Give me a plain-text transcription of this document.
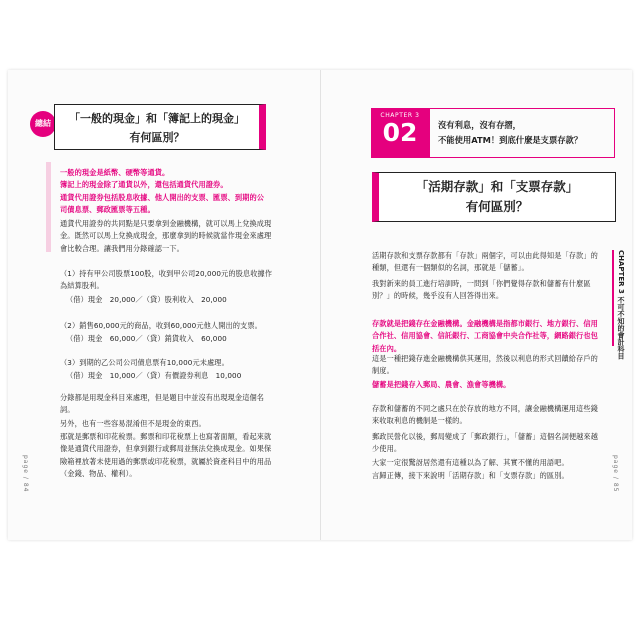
總結	「一般的現金」和「簿記上的現金」
有何區別？
一般的現金是紙幣、硬幣等通貨。
簿記上的現金除了通貨以外，還包括通貨代用證券。
通貨代用證券包括股息收據、他人開出的支票、匯票、到期的公
司債息票、郵政匯票等五種。
通貨代用證券的共同點是只要拿到金融機構，就可以馬上兌換成現金。既然可以馬上兌換成現金，那麼拿到的時候就當作現金來處理會比較合理。讓我們用分錄確認一下。
（1）持有甲公司股票100股，收到甲公司20,000元的股息收據作為結算股利。
（借）現金　20,000／（貸）股利收入　20,000
（2）銷售60,000元的商品，收到60,000元他人開出的支票。
（借）現金　60,000／（貸）銷貨收入　60,000
（3）到期的乙公司公司債息票有10,000元未處理。
（借）現金　10,000／（貸）有價證券利息　10,000
分錄都是用現金科目來處理，但是題目中並沒有出現現金這個名詞。
另外，也有一些容易混淆但不是現金的東西。
那就是郵票和印花稅票。郵票和印花稅票上也寫著面額，看起來就像是通貨代用證券，但拿到銀行或郵局並無法兌換成現金。如果保險箱裡放著未使用過的郵票或印花稅票，就屬於資產科目中的用品（金錢、物品、權利）。
page / 84
CHAPTER 3
02	沒有利息，沒有存摺，
不能使用ATM！到底什麼是支票存款？
「活期存款」和「支票存款」
有何區別？
活期存款和支票存款都有「存款」兩個字，可以由此得知是「存款」的種類，但還有一個類似的名詞，那就是「儲蓄」。
我對新來的員工進行培訓時，一問到「你們覺得存款和儲蓄有什麼區別？」的時候，幾乎沒有人回答得出來。
存款就是把錢存在金融機構。金融機構是指都市銀行、地方銀行、信用合作社、信用協會、信託銀行、工商協會中央合作社等，網路銀行也包括在內。
這是一種把錢存進金融機構供其運用，然後以利息的形式回饋給存戶的制度。
儲蓄是把錢存入郵局、農會、漁會等機構。
存款和儲蓄的不同之處只在於存放的地方不同，讓金融機構運用這些錢來收取利息的機制是一樣的。
郵政民營化以後，郵局變成了「郵政銀行」，「儲蓄」這個名詞便越來越少使用。
大家一定很驚訝居然還有這種以為了解、其實不懂的用語吧。
言歸正傳，接下來說明「活期存款」和「支票存款」的區別。
CHAPTER 3 不可不知的會計科目
page / 85
